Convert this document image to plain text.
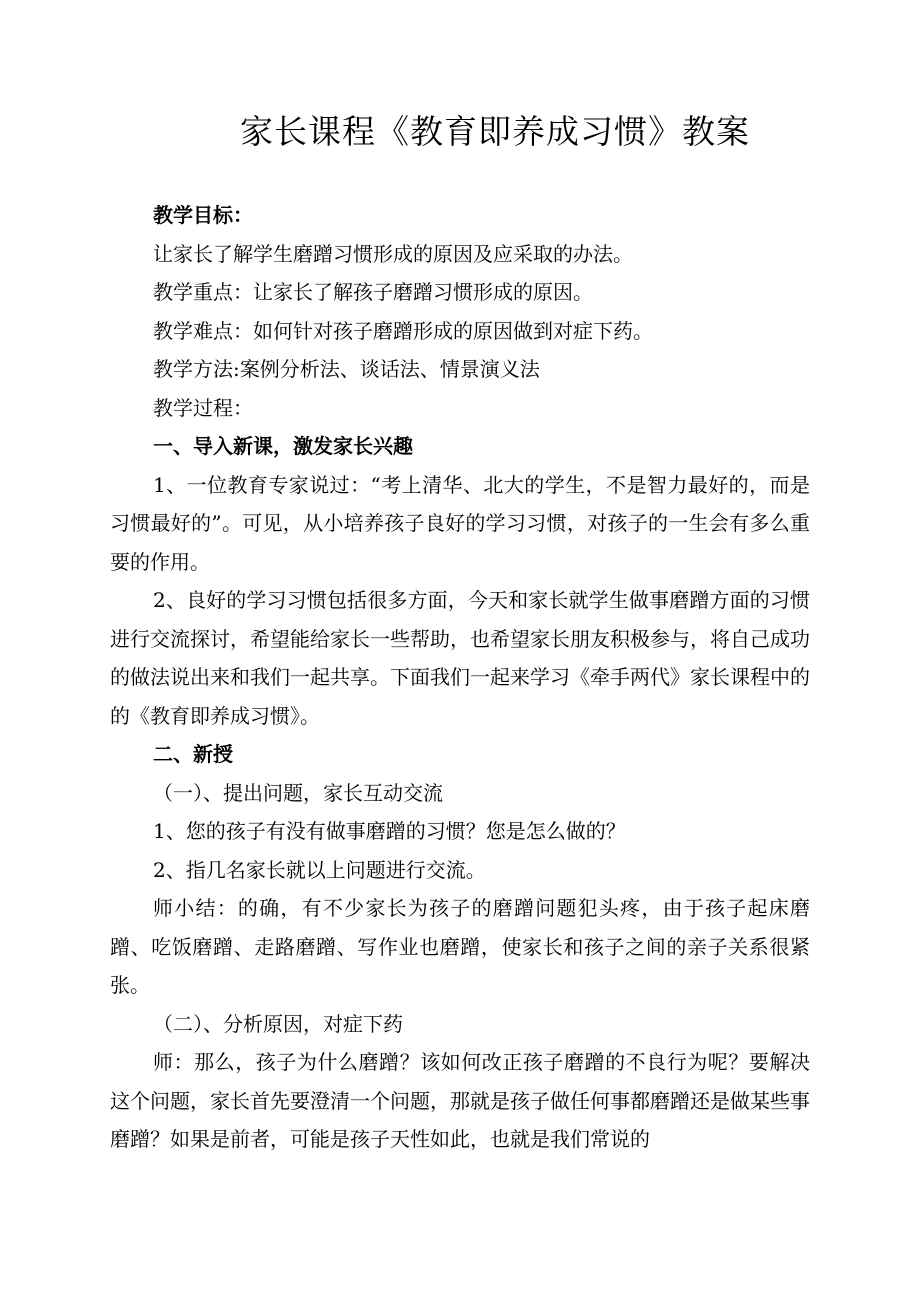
家长课程《教育即养成习惯》教案

教学目标：

让家长了解学生磨蹭习惯形成的原因及应采取的办法。

教学重点：让家长了解孩子磨蹭习惯形成的原因。

教学难点：如何针对孩子磨蹭形成的原因做到对症下药。

教学方法:案例分析法、谈话法、情景演义法

教学过程：

一、导入新课，激发家长兴趣

1、一位教育专家说过：“考上清华、北大的学生，不是智力最好的，而是习惯最好的”。可见，从小培养孩子良好的学习习惯，对孩子的一生会有多么重要的作用。

2、良好的学习习惯包括很多方面，今天和家长就学生做事磨蹭方面的习惯进行交流探讨，希望能给家长一些帮助，也希望家长朋友积极参与，将自己成功的做法说出来和我们一起共享。下面我们一起来学习《牵手两代》家长课程中的的《教育即养成习惯》。

二、新授

（一）、提出问题，家长互动交流

1、您的孩子有没有做事磨蹭的习惯？您是怎么做的？

2、指几名家长就以上问题进行交流。

师小结：的确，有不少家长为孩子的磨蹭问题犯头疼，由于孩子起床磨蹭、吃饭磨蹭、走路磨蹭、写作业也磨蹭，使家长和孩子之间的亲子关系很紧张。

（二）、分析原因，对症下药

师：那么，孩子为什么磨蹭？该如何改正孩子磨蹭的不良行为呢？要解决这个问题，家长首先要澄清一个问题，那就是孩子做任何事都磨蹭还是做某些事磨蹭？如果是前者，可能是孩子天性如此，也就是我们常说的
